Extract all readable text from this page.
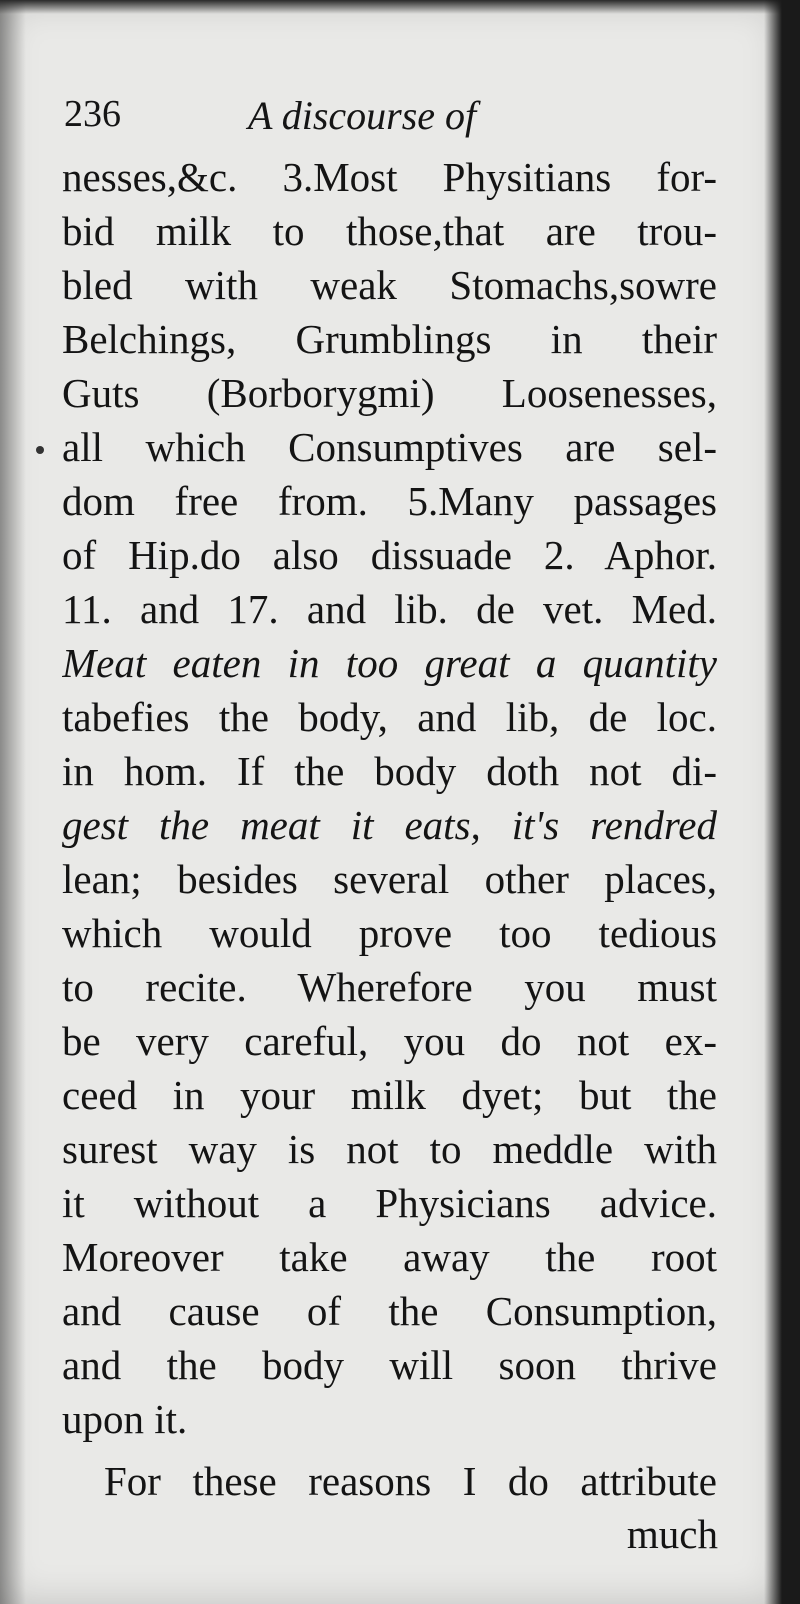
236	A discourse of
nesses,&c. 3.Most Physitians for-
bid milk to those,that are trou-
bled with weak Stomachs,sowre
Belchings, Grumblings in their
Guts (Borborygmi) Loosenesses,
all which Consumptives are sel-
dom free from. 5.Many passages
of Hip.do also dissuade 2. Aphor.
11. and 17. and lib. de vet. Med.
Meat eaten in too great a quantity
tabefies the body, and lib, de loc.
in hom. If the body doth not di-
gest the meat it eats, it's rendred
lean; besides several other places,
which would prove too tedious
to recite. Wherefore you must
be very careful, you do not ex-
ceed in your milk dyet; but the
surest way is not to meddle with
it without a Physicians advice.
Moreover take away the root
and cause of the Consumption,
and the body will soon thrive
upon it.
For these reasons I do attribute
much
